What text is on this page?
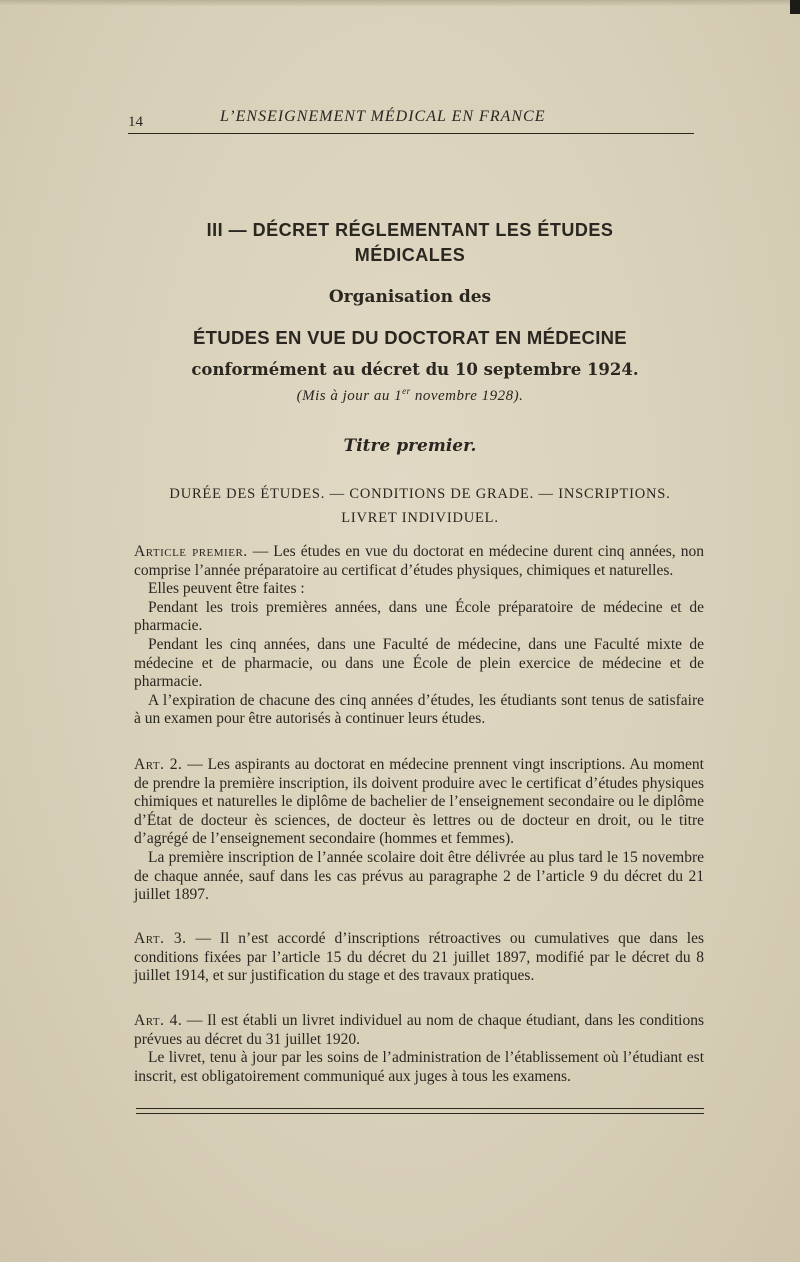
14	L’ENSEIGNEMENT MÉDICAL EN FRANCE
III — DÉCRET RÉGLEMENTANT LES ÉTUDES
MÉDICALES
Organisation des
ÉTUDES EN VUE DU DOCTORAT EN MÉDECINE
conformément au décret du 10 septembre 1924.
(Mis à jour au 1er novembre 1928).
Titre premier.
DURÉE DES ÉTUDES. — CONDITIONS DE GRADE. — INSCRIPTIONS.
LIVRET INDIVIDUEL.

Article premier. — Les études en vue du doctorat en médecine durent cinq années, non comprise l’année préparatoire au certificat d’études physiques, chimiques et naturelles.

Elles peuvent être faites :

Pendant les trois premières années, dans une École préparatoire de médecine et de pharmacie.

Pendant les cinq années, dans une Faculté de médecine, dans une Faculté mixte de médecine et de pharmacie, ou dans une École de plein exercice de médecine et de pharmacie.

A l’expiration de chacune des cinq années d’études, les étudiants sont tenus de satisfaire à un examen pour être autorisés à continuer leurs études.

Art. 2. — Les aspirants au doctorat en médecine prennent vingt inscriptions. Au moment de prendre la première inscription, ils doivent produire avec le certificat d’études physiques chimiques et naturelles le diplôme de bachelier de l’enseignement secondaire ou le diplôme d’État de docteur ès sciences, de docteur ès lettres ou de docteur en droit, ou le titre d’agrégé de l’enseignement secondaire (hommes et femmes).

La première inscription de l’année scolaire doit être délivrée au plus tard le 15 novembre de chaque année, sauf dans les cas prévus au paragraphe 2 de l’article 9 du décret du 21 juillet 1897.

Art. 3. — Il n’est accordé d’inscriptions rétroactives ou cumulatives que dans les conditions fixées par l’article 15 du décret du 21 juillet 1897, modifié par le décret du 8 juillet 1914, et sur justification du stage et des travaux pratiques.

Art. 4. — Il est établi un livret individuel au nom de chaque étudiant, dans les conditions prévues au décret du 31 juillet 1920.

Le livret, tenu à jour par les soins de l’administration de l’établissement où l’étudiant est inscrit, est obligatoirement communiqué aux juges à tous les examens.
